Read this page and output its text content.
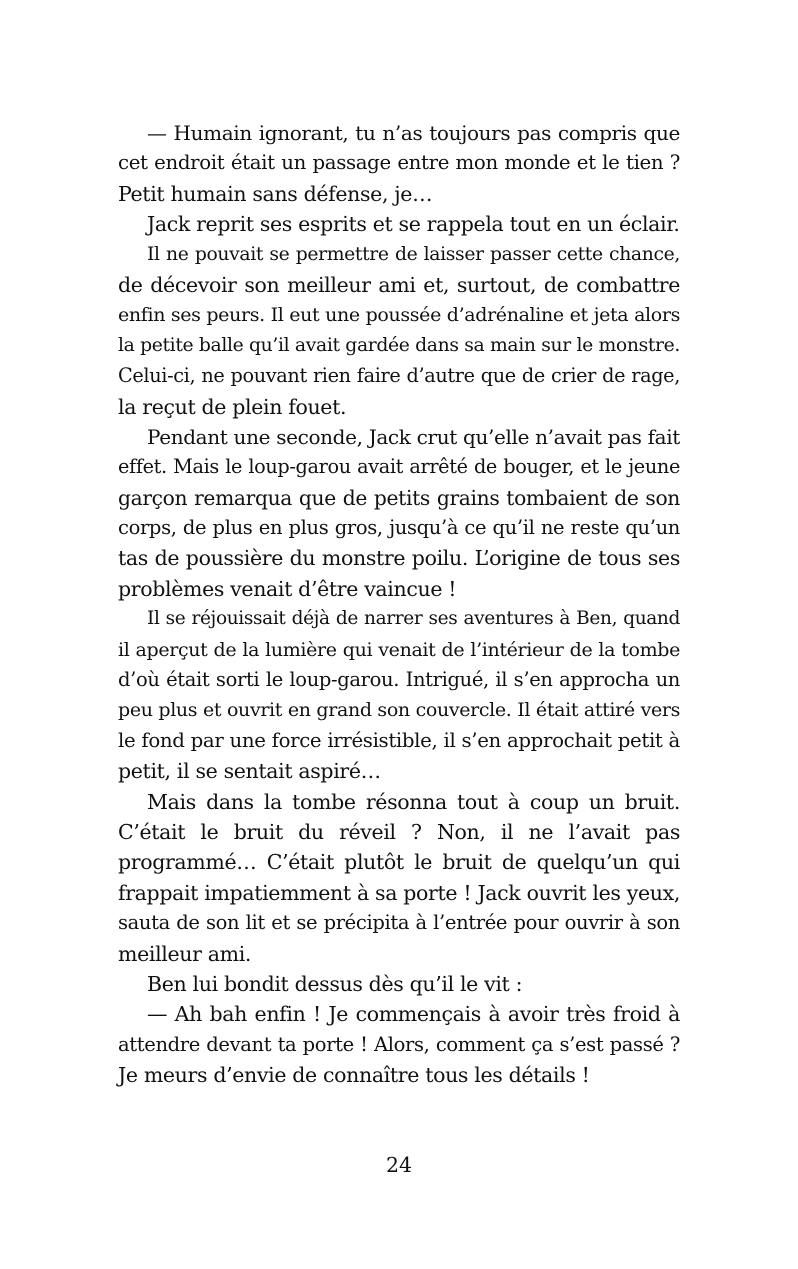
— Humain ignorant, tu n’as toujours pas compris que
cet endroit était un passage entre mon monde et le tien ?
Petit humain sans défense, je…
Jack reprit ses esprits et se rappela tout en un éclair.
Il ne pouvait se permettre de laisser passer cette chance,
de décevoir son meilleur ami et, surtout, de combattre
enfin ses peurs. Il eut une poussée d’adrénaline et jeta alors
la petite balle qu’il avait gardée dans sa main sur le monstre.
Celui-ci, ne pouvant rien faire d’autre que de crier de rage,
la reçut de plein fouet.
Pendant une seconde, Jack crut qu’elle n’avait pas fait
effet. Mais le loup-garou avait arrêté de bouger, et le jeune
garçon remarqua que de petits grains tombaient de son
corps, de plus en plus gros, jusqu’à ce qu’il ne reste qu’un
tas de poussière du monstre poilu. L’origine de tous ses
problèmes venait d’être vaincue !
Il se réjouissait déjà de narrer ses aventures à Ben, quand
il aperçut de la lumière qui venait de l’intérieur de la tombe
d’où était sorti le loup-garou. Intrigué, il s’en approcha un
peu plus et ouvrit en grand son couvercle. Il était attiré vers
le fond par une force irrésistible, il s’en approchait petit à
petit, il se sentait aspiré…
Mais dans la tombe résonna tout à coup un bruit.
C’était le bruit du réveil ? Non, il ne l’avait pas
programmé… C’était plutôt le bruit de quelqu’un qui
frappait impatiemment à sa porte ! Jack ouvrit les yeux,
sauta de son lit et se précipita à l’entrée pour ouvrir à son
meilleur ami.
Ben lui bondit dessus dès qu’il le vit :
— Ah bah enfin ! Je commençais à avoir très froid à
attendre devant ta porte ! Alors, comment ça s’est passé ?
Je meurs d’envie de connaître tous les détails !
24
